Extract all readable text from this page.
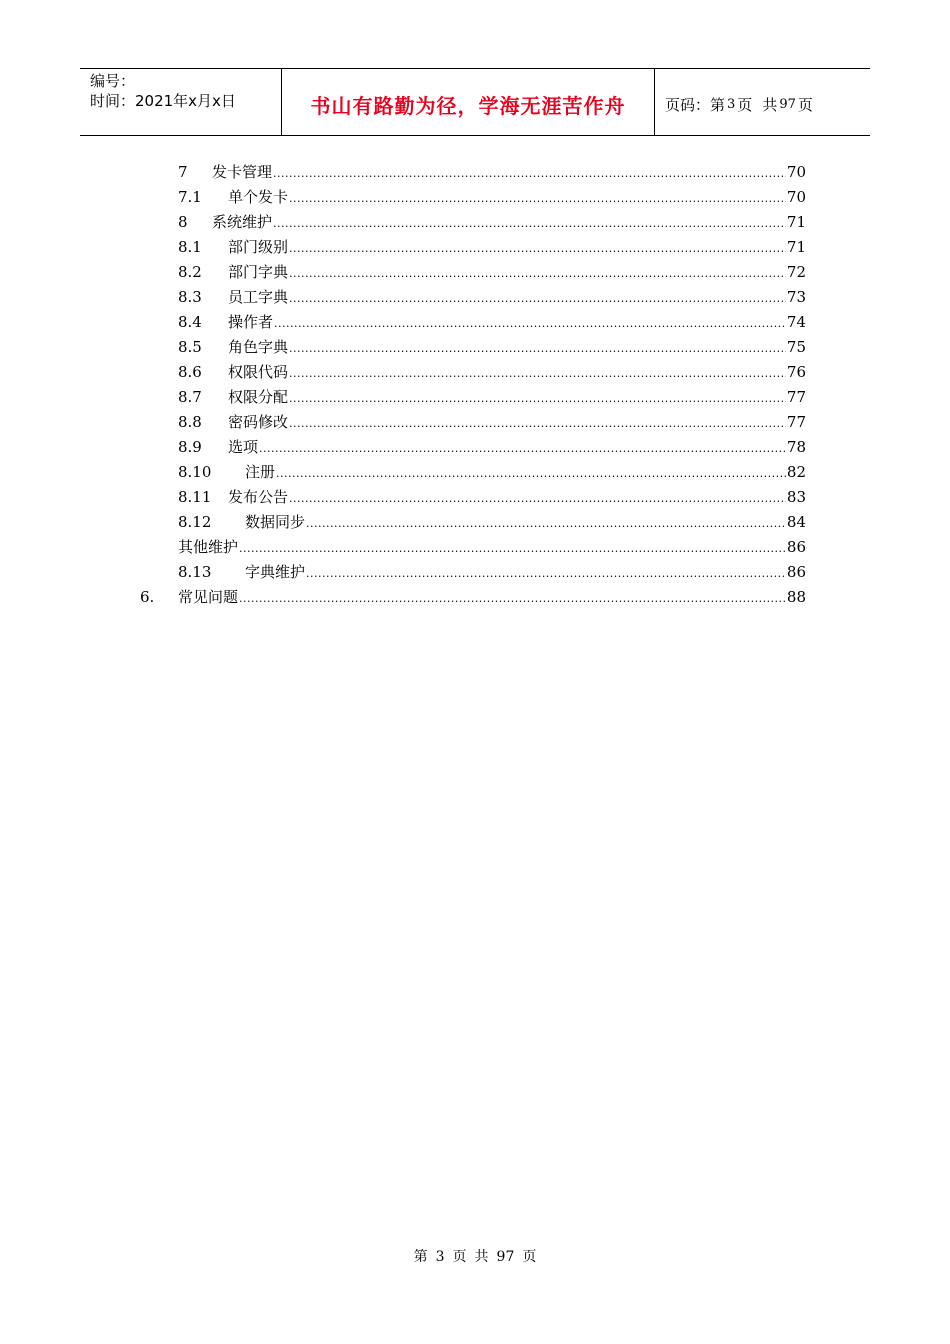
编号：
时间：2021年x月x日	书山有路勤为径，学海无涯苦作舟	页码：第 3 页 共 97 页
7	发卡管理 .....	70
7.1	单个发卡 .....	70
8	系统维护 .....	71
8.1	部门级别 .....	71
8.2	部门字典 .....	72
8.3	员工字典 .....	73
8.4	操作者 .....	74
8.5	角色字典 .....	75
8.6	权限代码 .....	76
8.7	权限分配 .....	77
8.8	密码修改 .....	77
8.9	选项 .....	78
8.10	注册 .....	82
8.11	发布公告 .....	83
8.12	数据同步 .....	84
其他维护 .....	86
8.13	字典维护 .....	86
6.	常见问题 .....	88
第 3 页 共 97 页
